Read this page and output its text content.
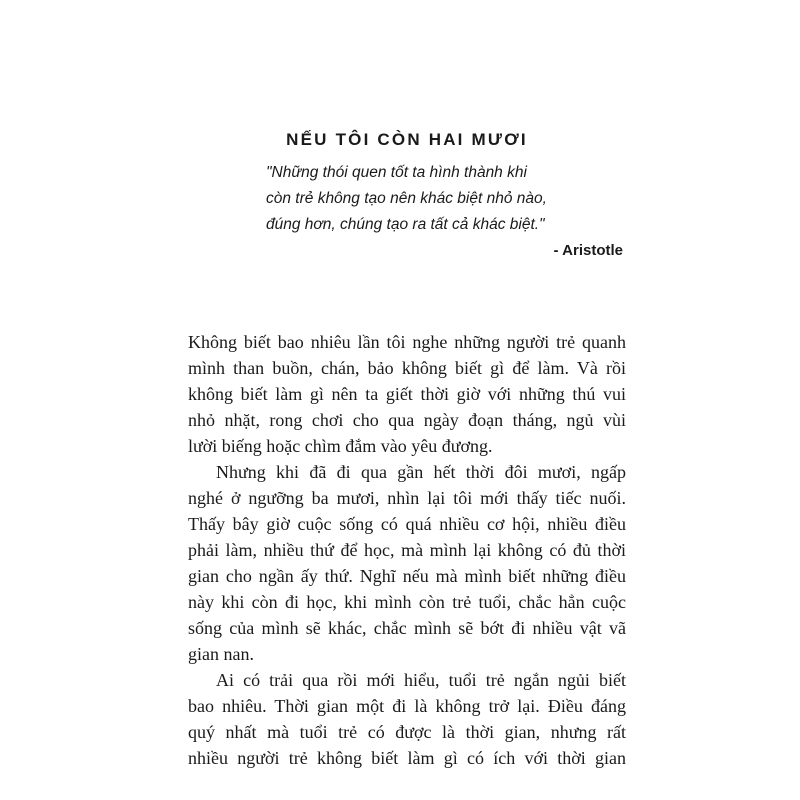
NẾU TÔI CÒN HAI MƯƠI
"Những thói quen tốt ta hình thành khi
còn trẻ không tạo nên khác biệt nhỏ nào,
đúng hơn, chúng tạo ra tất cả khác biệt."
- Aristotle
Không biết bao nhiêu lần tôi nghe những người trẻ quanh
mình than buồn, chán, bảo không biết gì để làm. Và rồi
không biết làm gì nên ta giết thời giờ với những thú vui
nhỏ nhặt, rong chơi cho qua ngày đoạn tháng, ngủ vùi
lười biếng hoặc chìm đắm vào yêu đương.
Nhưng khi đã đi qua gần hết thời đôi mươi, ngấp
nghé ở ngưỡng ba mươi, nhìn lại tôi mới thấy tiếc nuối.
Thấy bây giờ cuộc sống có quá nhiều cơ hội, nhiều điều
phải làm, nhiều thứ để học, mà mình lại không có đủ thời
gian cho ngần ấy thứ. Nghĩ nếu mà mình biết những điều
này khi còn đi học, khi mình còn trẻ tuổi, chắc hẳn cuộc
sống của mình sẽ khác, chắc mình sẽ bớt đi nhiều vật vã
gian nan.
Ai có trải qua rồi mới hiểu, tuổi trẻ ngắn ngủi biết
bao nhiêu. Thời gian một đi là không trở lại. Điều đáng
quý nhất mà tuổi trẻ có được là thời gian, nhưng rất
nhiều người trẻ không biết làm gì có ích với thời gian
